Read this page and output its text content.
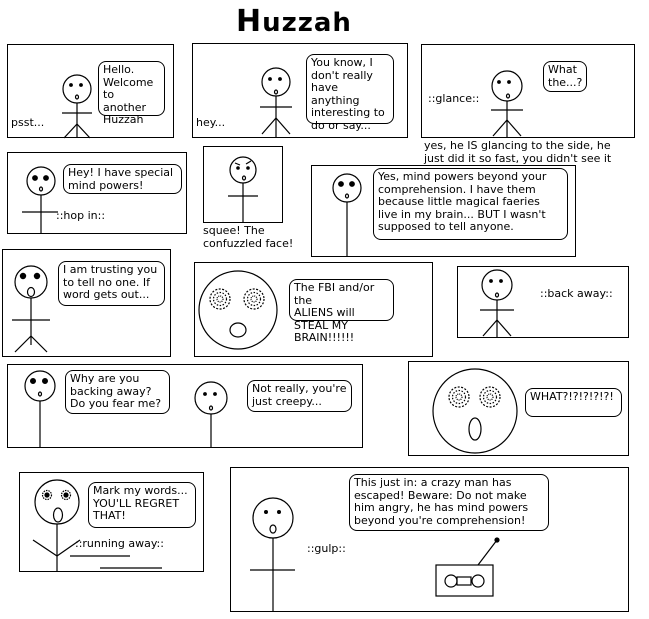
Huzzah
Hello.
Welcome
to another
Huzzah
psst...
You know, I
don't really
have anything
interesting to
do or say...
hey...
What
the...?
::glance::
yes, he IS glancing to the side, he
just did it so fast, you didn't see it
Hey! I have special
mind powers!
::hop in::
squee! The
confuzzled face!
Yes, mind powers beyond your
comprehension. I have them
because little magical faeries
live in my brain... BUT I wasn't
supposed to tell anyone.
I am trusting you
to tell no one. If
word gets out...
The FBI and/or the
ALIENS will STEAL MY
BRAIN!!!!!!
::back away::
Why are you
backing away?
Do you fear me?
Not really, you're
just creepy...	WHAT?!?!?!?!?!
Mark my words...
YOU'LL REGRET
THAT!
::running away::
This just in: a crazy man has
escaped! Beware: Do not make
him angry, he has mind powers
beyond you're comprehension!
::gulp::
